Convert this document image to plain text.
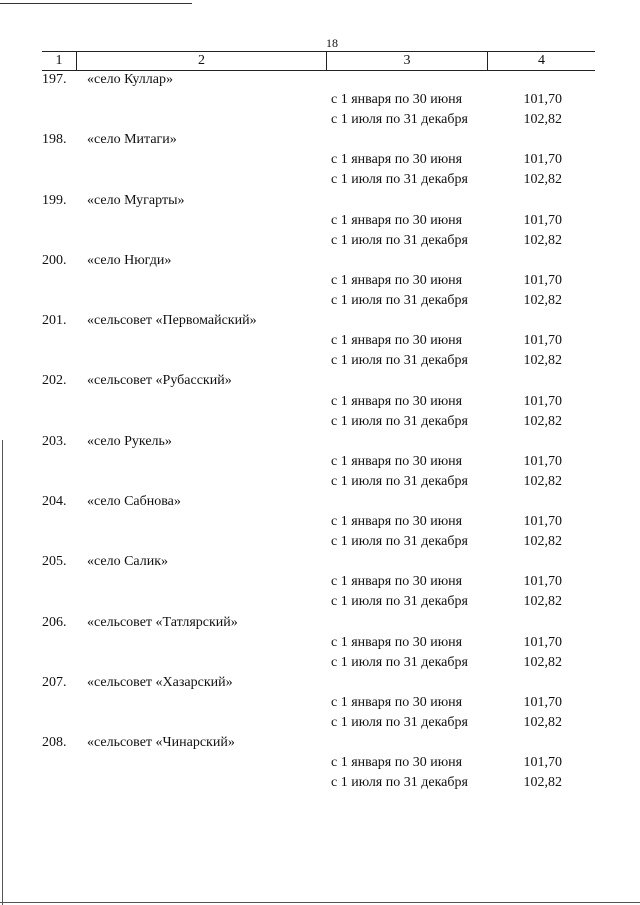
18
1	2	3	4
197.	«село Куллар»
с 1 января по 30 июня	101,70
с 1 июля по 31 декабря	102,82
198.	«село Митаги»
с 1 января по 30 июня	101,70
с 1 июля по 31 декабря	102,82
199.	«село Мугарты»
с 1 января по 30 июня	101,70
с 1 июля по 31 декабря	102,82
200.	«село Нюгди»
с 1 января по 30 июня	101,70
с 1 июля по 31 декабря	102,82
201.	«сельсовет «Первомайский»
с 1 января по 30 июня	101,70
с 1 июля по 31 декабря	102,82
202.	«сельсовет «Рубасский»
с 1 января по 30 июня	101,70
с 1 июля по 31 декабря	102,82
203.	«село Рукель»
с 1 января по 30 июня	101,70
с 1 июля по 31 декабря	102,82
204.	«село Сабнова»
с 1 января по 30 июня	101,70
с 1 июля по 31 декабря	102,82
205.	«село Салик»
с 1 января по 30 июня	101,70
с 1 июля по 31 декабря	102,82
206.	«сельсовет «Татлярский»
с 1 января по 30 июня	101,70
с 1 июля по 31 декабря	102,82
207.	«сельсовет «Хазарский»
с 1 января по 30 июня	101,70
с 1 июля по 31 декабря	102,82
208.	«сельсовет «Чинарский»
с 1 января по 30 июня	101,70
с 1 июля по 31 декабря	102,82
